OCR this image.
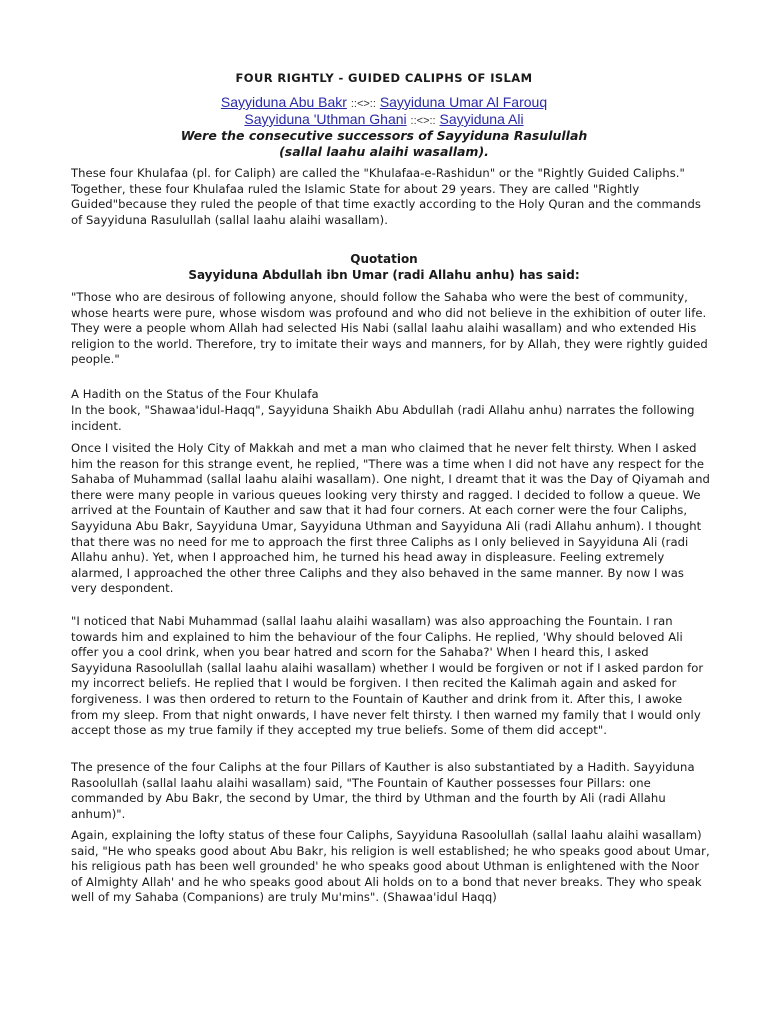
FOUR RIGHTLY - GUIDED CALIPHS OF ISLAM
Sayyiduna Abu Bakr ::<>:: Sayyiduna Umar Al Farouq
Sayyiduna 'Uthman Ghani ::<>:: Sayyiduna Ali
Were the consecutive successors of Sayyiduna Rasulullah
(sallal laahu alaihi wasallam).
These four Khulafaa (pl. for Caliph) are called the "Khulafaa-e-Rashidun" or the "Rightly Guided Caliphs." Together, these four Khulafaa ruled the Islamic State for about 29 years. They are called "Rightly Guided"because they ruled the people of that time exactly according to the Holy Quran and the commands of Sayyiduna Rasulullah (sallal laahu alaihi wasallam).
Quotation
Sayyiduna Abdullah ibn Umar (radi Allahu anhu) has said:
"Those who are desirous of following anyone, should follow the Sahaba who were the best of community, whose hearts were pure, whose wisdom was profound and who did not believe in the exhibition of outer life. They were a people whom Allah had selected His Nabi (sallal laahu alaihi wasallam) and who extended His religion to the world. Therefore, try to imitate their ways and manners, for by Allah, they were rightly guided people."
A Hadith on the Status of the Four Khulafa
In the book, "Shawaa'idul-Haqq", Sayyiduna Shaikh Abu Abdullah (radi Allahu anhu) narrates the following incident.
Once I visited the Holy City of Makkah and met a man who claimed that he never felt thirsty. When I asked him the reason for this strange event, he replied, "There was a time when I did not have any respect for the Sahaba of Muhammad (sallal laahu alaihi wasallam). One night, I dreamt that it was the Day of Qiyamah and there were many people in various queues looking very thirsty and ragged. I decided to follow a queue. We arrived at the Fountain of Kauther and saw that it had four corners. At each corner were the four Caliphs, Sayyiduna Abu Bakr, Sayyiduna Umar, Sayyiduna Uthman and Sayyiduna Ali (radi Allahu anhum). I thought that there was no need for me to approach the first three Caliphs as I only believed in Sayyiduna Ali (radi Allahu anhu). Yet, when I approached him, he turned his head away in displeasure. Feeling extremely alarmed, I approached the other three Caliphs and they also behaved in the same manner. By now I was very despondent.
"I noticed that Nabi Muhammad (sallal laahu alaihi wasallam) was also approaching the Fountain. I ran towards him and explained to him the behaviour of the four Caliphs. He replied, 'Why should beloved Ali offer you a cool drink, when you bear hatred and scorn for the Sahaba?' When I heard this, I asked Sayyiduna Rasoolullah (sallal laahu alaihi wasallam) whether I would be forgiven or not if I asked pardon for my incorrect beliefs. He replied that I would be forgiven. I then recited the Kalimah again and asked for forgiveness. I was then ordered to return to the Fountain of Kauther and drink from it. After this, I awoke from my sleep. From that night onwards, I have never felt thirsty. I then warned my family that I would only accept those as my true family if they accepted my true beliefs. Some of them did accept".
The presence of the four Caliphs at the four Pillars of Kauther is also substantiated by a Hadith. Sayyiduna Rasoolullah (sallal laahu alaihi wasallam) said, "The Fountain of Kauther possesses four Pillars: one commanded by Abu Bakr, the second by Umar, the third by Uthman and the fourth by Ali (radi Allahu anhum)".
Again, explaining the lofty status of these four Caliphs, Sayyiduna Rasoolullah (sallal laahu alaihi wasallam) said, "He who speaks good about Abu Bakr, his religion is well established; he who speaks good about Umar, his religious path has been well grounded' he who speaks good about Uthman is enlightened with the Noor of Almighty Allah' and he who speaks good about Ali holds on to a bond that never breaks. They who speak well of my Sahaba (Companions) are truly Mu'mins". (Shawaa'idul Haqq)
